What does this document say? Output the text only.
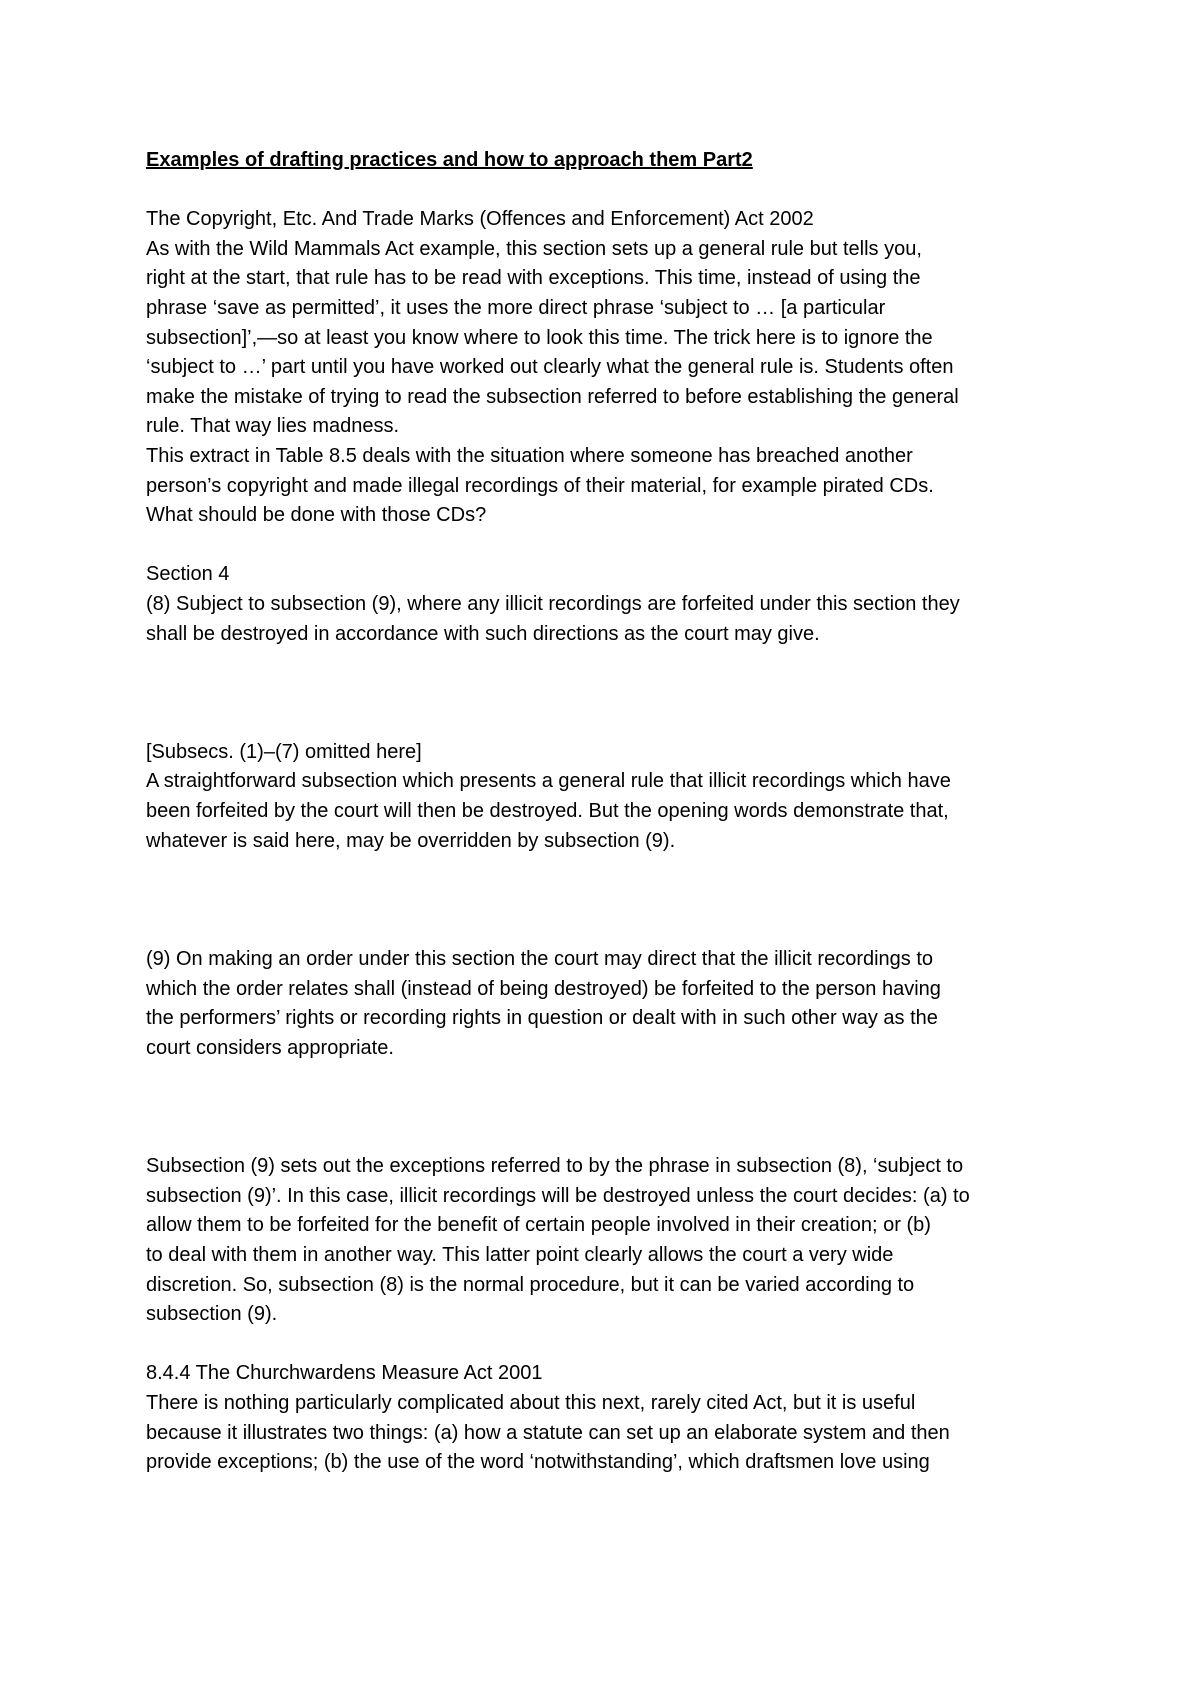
Examples of drafting practices and how to approach them Part2
The Copyright, Etc. And Trade Marks (Offences and Enforcement) Act 2002
As with the Wild Mammals Act example, this section sets up a general rule but tells you,
right at the start, that rule has to be read with exceptions. This time, instead of using the
phrase ‘save as permitted’, it uses the more direct phrase ‘subject to … [a particular
subsection]’,—so at least you know where to look this time. The trick here is to ignore the
‘subject to …’ part until you have worked out clearly what the general rule is. Students often
make the mistake of trying to read the subsection referred to before establishing the general
rule. That way lies madness.
This extract in Table 8.5 deals with the situation where someone has breached another
person’s copyright and made illegal recordings of their material, for example pirated CDs.
What should be done with those CDs?
Section 4
(8) Subject to subsection (9), where any illicit recordings are forfeited under this section they
shall be destroyed in accordance with such directions as the court may give.
[Subsecs. (1)–(7) omitted here]
A straightforward subsection which presents a general rule that illicit recordings which have
been forfeited by the court will then be destroyed. But the opening words demonstrate that,
whatever is said here, may be overridden by subsection (9).
(9) On making an order under this section the court may direct that the illicit recordings to
which the order relates shall (instead of being destroyed) be forfeited to the person having
the performers’ rights or recording rights in question or dealt with in such other way as the
court considers appropriate.
Subsection (9) sets out the exceptions referred to by the phrase in subsection (8), ‘subject to
subsection (9)’. In this case, illicit recordings will be destroyed unless the court decides: (a) to
allow them to be forfeited for the benefit of certain people involved in their creation; or (b)
to deal with them in another way. This latter point clearly allows the court a very wide
discretion. So, subsection (8) is the normal procedure, but it can be varied according to
subsection (9).
8.4.4 The Churchwardens Measure Act 2001
There is nothing particularly complicated about this next, rarely cited Act, but it is useful
because it illustrates two things: (a) how a statute can set up an elaborate system and then
provide exceptions; (b) the use of the word ‘notwithstanding’, which draftsmen love using
